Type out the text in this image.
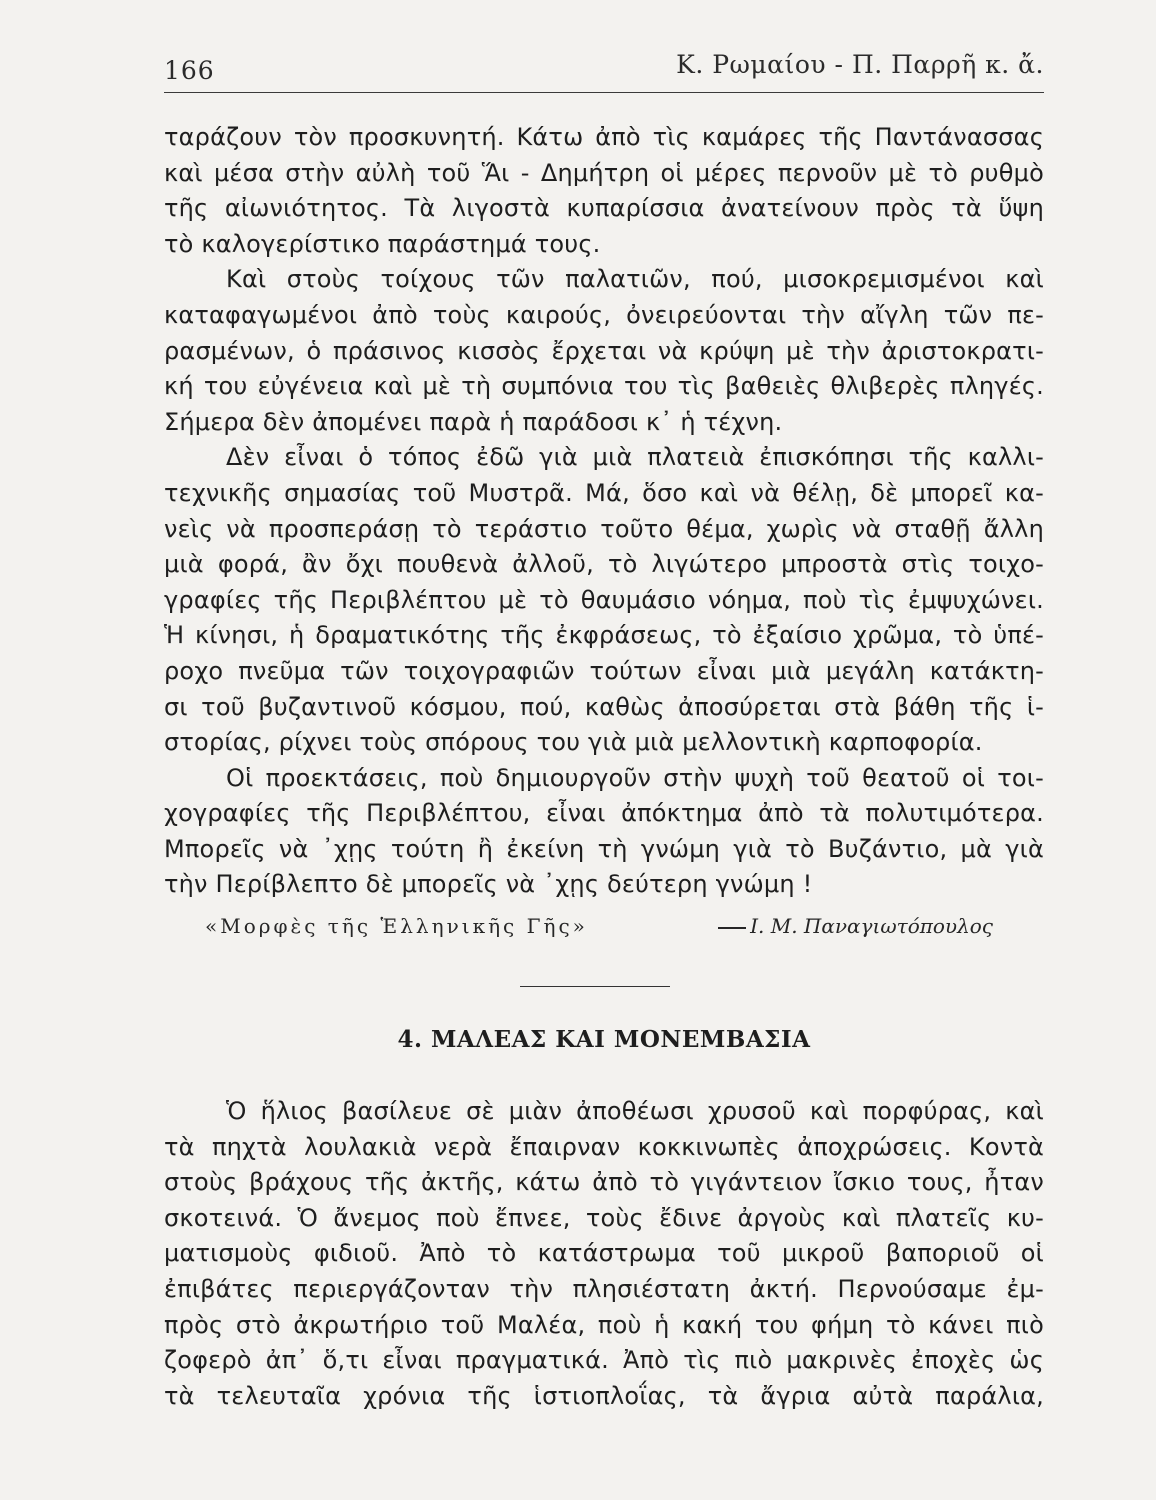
166	Κ. Ρωμαίου - Π. Παρρῆ κ. ἄ.
ταράζουν τὸν προσκυνητή. Κάτω ἀπὸ τὶς καμάρες τῆς Παντάνασσας
καὶ μέσα στὴν αὐλὴ τοῦ Ἅι - Δημήτρη οἱ μέρες περνοῦν μὲ τὸ ρυθμὸ
τῆς αἰωνιότητος. Τὰ λιγοστὰ κυπαρίσσια ἀνατείνουν πρὸς τὰ ὕψη
τὸ καλογερίστικο παράστημά τους.
Καὶ στοὺς τοίχους τῶν παλατιῶν, πού, μισοκρεμισμένοι καὶ
καταφαγωμένοι ἀπὸ τοὺς καιρούς, ὀνειρεύονται τὴν αἴγλη τῶν πε-
ρασμένων, ὁ πράσινος κισσὸς ἔρχεται νὰ κρύψη μὲ τὴν ἀριστοκρατι-
κή του εὐγένεια καὶ μὲ τὴ συμπόνια του τὶς βαθειὲς θλιβερὲς πληγές.
Σήμερα δὲν ἀπομένει παρὰ ἡ παράδοσι κ᾿ ἡ τέχνη.
Δὲν εἶναι ὁ τόπος ἐδῶ γιὰ μιὰ πλατειὰ ἐπισκόπησι τῆς καλλι-
τεχνικῆς σημασίας τοῦ Μυστρᾶ. Μά, ὅσο καὶ νὰ θέλῃ, δὲ μπορεῖ κα-
νεὶς νὰ προσπεράσῃ τὸ τεράστιο τοῦτο θέμα, χωρὶς νὰ σταθῇ ἄλλη
μιὰ φορά, ἂν ὄχι πουθενὰ ἀλλοῦ, τὸ λιγώτερο μπροστὰ στὶς τοιχο-
γραφίες τῆς Περιβλέπτου μὲ τὸ θαυμάσιο νόημα, ποὺ τὶς ἐμψυχώνει.
Ἡ κίνησι, ἡ δραματικότης τῆς ἐκφράσεως, τὸ ἐξαίσιο χρῶμα, τὸ ὑπέ-
ροχο πνεῦμα τῶν τοιχογραφιῶν τούτων εἶναι μιὰ μεγάλη κατάκτη-
σι τοῦ βυζαντινοῦ κόσμου, πού, καθὼς ἀποσύρεται στὰ βάθη τῆς ἱ-
στορίας, ρίχνει τοὺς σπόρους του γιὰ μιὰ μελλοντικὴ καρποφορία.
Οἱ προεκτάσεις, ποὺ δημιουργοῦν στὴν ψυχὴ τοῦ θεατοῦ οἱ τοι-
χογραφίες τῆς Περιβλέπτου, εἶναι ἀπόκτημα ἀπὸ τὰ πολυτιμότερα.
Μπορεῖς νὰ ᾿χῃς τούτη ἢ ἐκείνη τὴ γνώμη γιὰ τὸ Βυζάντιο, μὰ γιὰ
τὴν Περίβλεπτο δὲ μπορεῖς νὰ ᾿χῃς δεύτερη γνώμη !
«Μορφὲς τῆς Ἑλληνικῆς Γῆς»	Ι. Μ. Παναγιωτόπουλος
4. ΜΑΛΕΑΣ ΚΑΙ ΜΟΝΕΜΒΑΣΙΑ
Ὁ ἥλιος βασίλευε σὲ μιὰν ἀποθέωσι χρυσοῦ καὶ πορφύρας, καὶ
τὰ πηχτὰ λουλακιὰ νερὰ ἔπαιρναν κοκκινωπὲς ἀποχρώσεις. Κοντὰ
στοὺς βράχους τῆς ἀκτῆς, κάτω ἀπὸ τὸ γιγάντειον ἴσκιο τους, ἦταν
σκοτεινά. Ὁ ἄνεμος ποὺ ἔπνεε, τοὺς ἔδινε ἀργοὺς καὶ πλατεῖς κυ-
ματισμοὺς φιδιοῦ. Ἀπὸ τὸ κατάστρωμα τοῦ μικροῦ βαποριοῦ οἱ
ἐπιβάτες περιεργάζονταν τὴν πλησιέστατη ἀκτή. Περνούσαμε ἐμ-
πρὸς στὸ ἀκρωτήριο τοῦ Μαλέα, ποὺ ἡ κακή του φήμη τὸ κάνει πιὸ
ζοφερὸ ἀπ᾿ ὅ,τι εἶναι πραγματικά. Ἀπὸ τὶς πιὸ μακρινὲς ἐποχὲς ὡς
τὰ τελευταῖα χρόνια τῆς ἱστιοπλοΐας, τὰ ἄγρια αὐτὰ παράλια,
